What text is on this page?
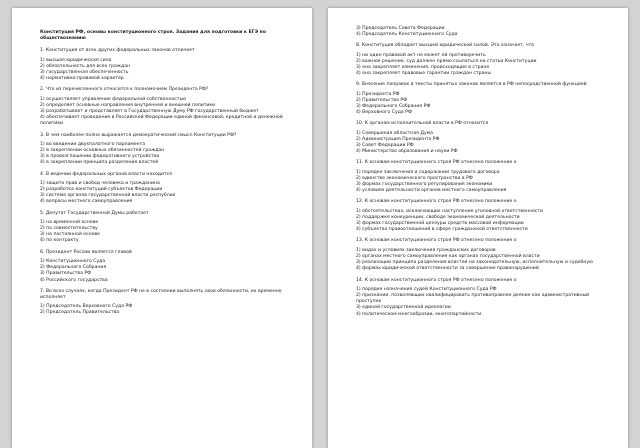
Конституция РФ, основы конституционного строя. Задания для подготовки к ЕГЭ по обществознанию
1. Конституция от всех других федеральных законов отличает
1) высшая юридическая сила
2) обязательность для всех граждан
3) государственная обеспеченность
4) нормативно-правовой характер
2. Что из перечисленного относится к полномочиям Президента РФ?
1) осуществляет управление федеральной собственностью
2) определяет основные направления внутренней и внешней политики
3) разрабатывает и представляет в Государственную Думу РФ государственный бюджет
4) обеспечивает проведение в Российской Федерации единой финансовой, кредитной и денежной политики
3. В чем наиболее полно выражается демократический смысл Конституции РФ?
1) во введении двухпалатного парламента
2) в закреплении основных обязанностей граждан
3) в провозглашении федеративного устройства
4) в закреплении принципа разделения властей
4. В ведении федеральных органов власти находится
1) защита прав и свобод человека и гражданина
2) разработка конституций субъектов Федерации
3) система органов государственной власти республик
4) вопросы местного самоуправления
5. Депутат Государственной Думы работает
1) на временной основе
2) по совместительству
3) на постоянной основе
4) по контракту
6. Президент России является главой
1) Конституционного Суда
2) Федерального Собрания
3) Правительства РФ
4) Российского государства
7. Во всех случаях, когда Президент РФ не в состоянии выполнять свои обязанности, их временно исполняет
1) Председатель Верховного Суда РФ
2) Председатель Правительства
3) Председатель Совета Федерации
4) Председатель Конституционного Суда
8. Конституция обладает высшей юридической силой. Это означает, что
1) ни один правовой акт не может ей противоречить
2) важное решение, суд должен прямо ссылаться на статьи Конституции
3) она закрепляет изменения, происходящие в стране
4) она закрепляет правовые гарантии граждан страны
9. Внесение поправок в тексты принятых законов является в РФ непосредственной функцией
1) Президента РФ
2) Правительства РФ
3) Федерального Собрания РФ
4) Верховного Суда РФ
10. К органам исполнительной власти в РФ относится
1) Совершеная областная Дума
2) Администрация Президента РФ
3) Совет Федерации РФ
4) Министерство образования и науки РФ
11. К основам конституционного строя РФ отнесено положение о
1) порядке заключения и содержании трудового договора
2) единстве экономического пространства в РФ
3) формах государственного регулирования экономики
4) условиях деятельности органов местного самоуправления
12. К основам конституционного строя РФ отнесено положение о
1) обстоятельствах, исключающих наступление уголовной ответственности
2) поддержке конкуренции, свободе экономической деятельности
3) формах государственной цензуры средств массовой информации
4) субъектах правоотношений в сфере гражданской ответственности
13. К основам конституционного строя РФ отнесено положение о
1) видах и условиях заключения гражданских договоров
2) органах местного самоуправления как органах государственной власти
3) реализации принципа разделения властей на законодательную, исполнительную и судебную
4) формах юридической ответственности за совершение правонарушений
14. К основам конституционного строя РФ отнесено положение о
1) порядке назначения судей Конституционного Суда РФ
2) признании, позволяющих квалифицировать противоправное деяние как административный проступок
3) единой государственной идеологии
4) политическом многообразии, многопартийности
